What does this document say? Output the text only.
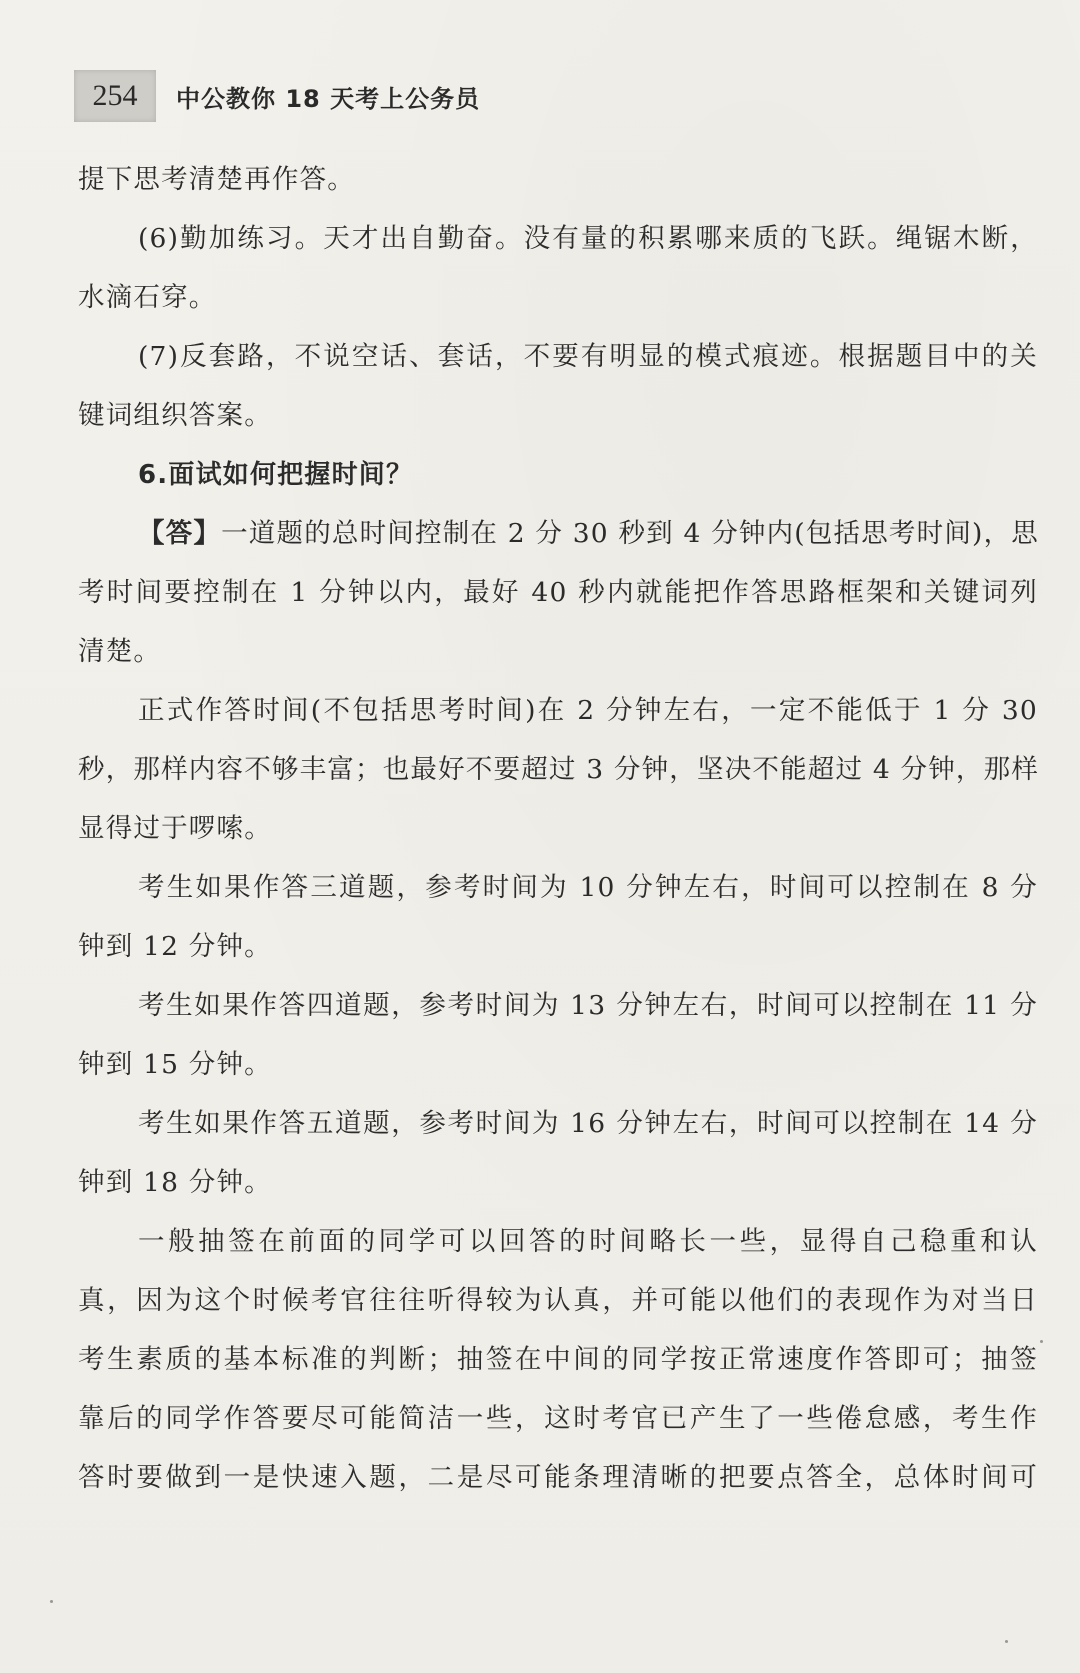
254	中公教你 18 天考上公务员
提下思考清楚再作答。
(6)勤加练习。天才出自勤奋。没有量的积累哪来质的飞跃。绳锯木断，
水滴石穿。
(7)反套路，不说空话、套话，不要有明显的模式痕迹。根据题目中的关
键词组织答案。
6.面试如何把握时间？
【答】 一道题的总时间控制在 2 分 30 秒到 4 分钟内(包括思考时间)，思
考时间要控制在 1 分钟以内，最好 40 秒内就能把作答思路框架和关键词列
清楚。
正式作答时间(不包括思考时间)在 2 分钟左右，一定不能低于 1 分 30
秒，那样内容不够丰富；也最好不要超过 3 分钟，坚决不能超过 4 分钟，那样
显得过于啰嗦。
考生如果作答三道题，参考时间为 10 分钟左右，时间可以控制在 8 分
钟到 12 分钟。
考生如果作答四道题，参考时间为 13 分钟左右，时间可以控制在 11 分
钟到 15 分钟。
考生如果作答五道题，参考时间为 16 分钟左右，时间可以控制在 14 分
钟到 18 分钟。
一般抽签在前面的同学可以回答的时间略长一些，显得自己稳重和认
真，因为这个时候考官往往听得较为认真，并可能以他们的表现作为对当日
考生素质的基本标准的判断；抽签在中间的同学按正常速度作答即可；抽签
靠后的同学作答要尽可能简洁一些，这时考官已产生了一些倦怠感，考生作
答时要做到一是快速入题，二是尽可能条理清晰的把要点答全，总体时间可
